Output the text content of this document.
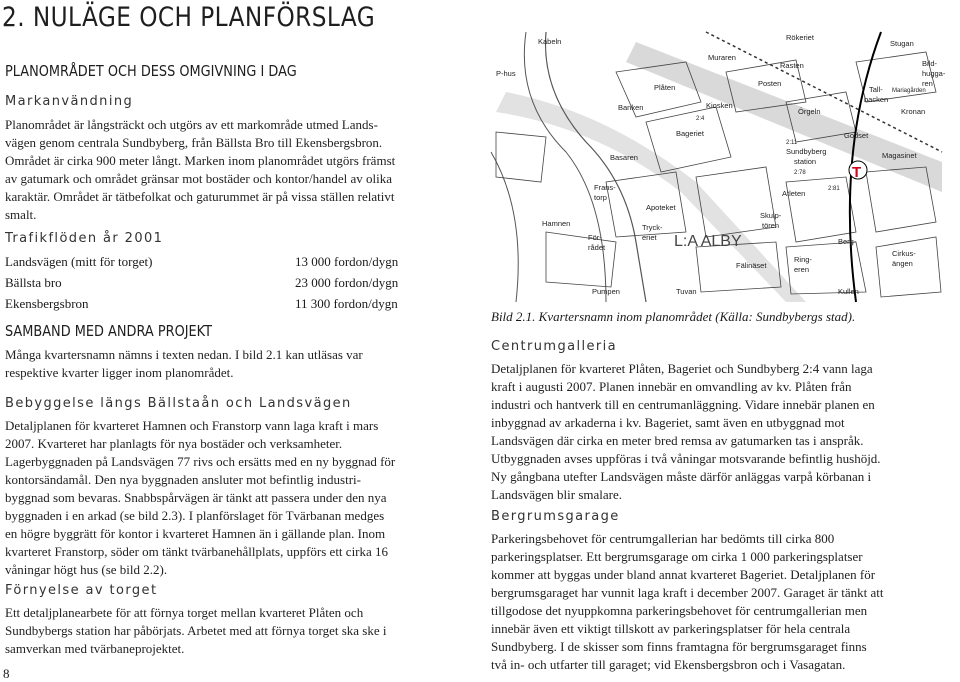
2. NULÄGE OCH PLANFÖRSLAG
PLANOMRÅDET OCH DESS OMGIVNING I DAG
Markanvändning
Planområdet är långsträckt och utgörs av ett markområde utmed Lands-
vägen genom centrala Sundbyberg, från Bällsta Bro till Ekensbergsbron.
Området är cirka 900 meter långt. Marken inom planområdet utgörs främst
av gatumark och området gränsar mot bostäder och kontor/handel av olika
karaktär. Området är tätbefolkat och gaturummet är på vissa ställen relativt
smalt.
Trafikflöden år 2001
Landsvägen (mitt för torget)	13 000 fordon/dygn
Bällsta bro	23 000 fordon/dygn
Ekensbergsbron	11 300 fordon/dygn
SAMBAND MED ANDRA PROJEKT
Många kvartersnamn nämns i texten nedan. I bild 2.1 kan utläsas var
respektive kvarter ligger inom planområdet.
Bebyggelse längs Bällstaån och Landsvägen
Detaljplanen för kvarteret Hamnen och Franstorp vann laga kraft i mars
2007. Kvarteret har planlagts för nya bostäder och verksamheter.
Lagerbyggnaden på Landsvägen 77 rivs och ersätts med en ny byggnad för
kontorsändamål. Den nya byggnaden ansluter mot befintlig industri-
byggnad som bevaras. Snabbspårvägen är tänkt att passera under den nya
byggnaden i en arkad (se bild 2.3). I planförslaget för Tvärbanan medges
en högre byggrätt för kontor i kvarteret Hamnen än i gällande plan. Inom
kvarteret Franstorp, söder om tänkt tvärbanehållplats, uppförs ett cirka 16
våningar högt hus (se bild 2.2).
Förnyelse av torget
Ett detaljplanearbete för att förnya torget mellan kvarteret Plåten och
Sundbybergs station har påbörjats. Arbetet med att förnya torget ska ske i
samverkan med tvärbaneprojektet.
8
T
Kabeln	Rökeriet
Stugan
Muraren
Rasten	Bild-
hugga-
ren
P-hus
Plåten	Posten
Tall-
backen
Kiosken
Örgeln	Kronan
Banken
Bageriet	Godset
Basaren
Sundbyberg
station
Magasinet
Frans-
torp
Apoteket
Atleten
Skulp-
tören
Hamnen
För-
rådet
Tryck-
eriet	Berg-
Fälinäset
Ring-
eren
Cirkus-
ängen
Pumpen	Tuvan	Kullen
Mariagården
2:4
2:78
2:81
2:11
L:A ALBY
Bild 2.1. Kvartersnamn inom planområdet (Källa: Sundbybergs stad).
Centrumgalleria
Detaljplanen för kvarteret Plåten, Bageriet och Sundbyberg 2:4 vann laga
kraft i augusti 2007. Planen innebär en omvandling av kv. Plåten från
industri och hantverk till en centrumanläggning. Vidare innebär planen en
inbyggnad av arkaderna i kv. Bageriet, samt även en utbyggnad mot
Landsvägen där cirka en meter bred remsa av gatumarken tas i anspråk.
Utbyggnaden avses uppföras i två våningar motsvarande befintlig hushöjd.
Ny gångbana utefter Landsvägen måste därför anläggas varpå körbanan i
Landsvägen blir smalare.
Bergrumsgarage
Parkeringsbehovet för centrumgallerian har bedömts till cirka 800
parkeringsplatser. Ett bergrumsgarage om cirka 1 000 parkeringsplatser
kommer att byggas under bland annat kvarteret Bageriet. Detaljplanen för
bergrumsgaraget har vunnit laga kraft i december 2007. Garaget är tänkt att
tillgodose det nyuppkomna parkeringsbehovet för centrumgallerian men
innebär även ett viktigt tillskott av parkeringsplatser för hela centrala
Sundbyberg. I de skisser som finns framtagna för bergrumsgaraget finns
två in- och utfarter till garaget; vid Ekensbergsbron och i Vasagatan.
